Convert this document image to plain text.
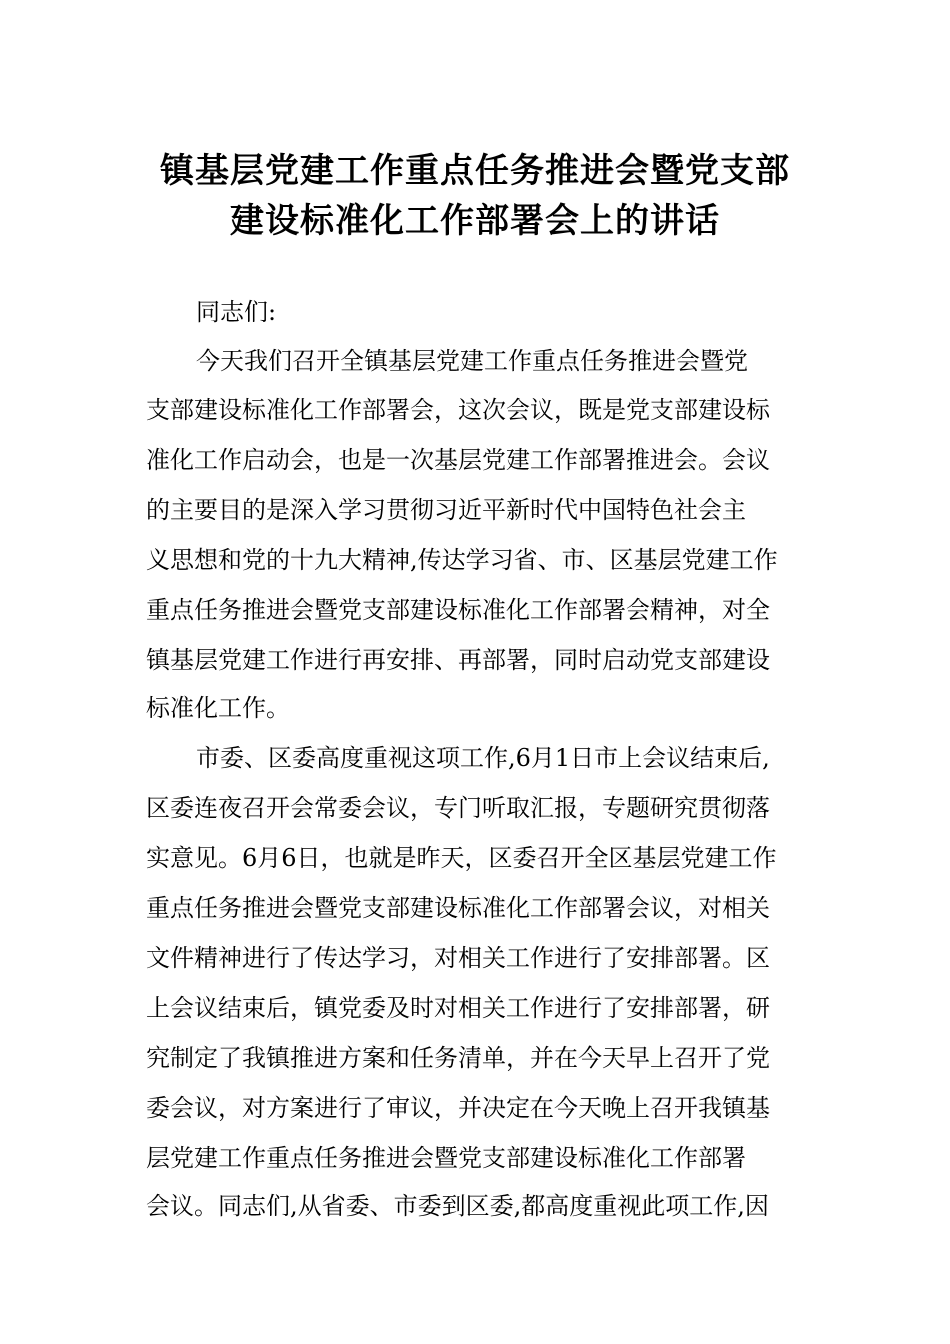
镇基层党建工作重点任务推进会暨党支部
建设标准化工作部署会上的讲话
同志们:
今天我们召开全镇基层党建工作重点任务推进会暨党
支部建设标准化工作部署会，这次会议，既是党支部建设标
准化工作启动会，也是一次基层党建工作部署推进会。会议
的主要目的是深入学习贯彻习近平新时代中国特色社会主
义思想和党的十九大精神,传达学习省、市、区基层党建工作
重点任务推进会暨党支部建设标准化工作部署会精神，对全
镇基层党建工作进行再安排、再部署，同时启动党支部建设
标准化工作。
市委、区委高度重视这项工作,6月1日市上会议结束后,
区委连夜召开会常委会议，专门听取汇报，专题研究贯彻落
实意见。6月6日，也就是昨天，区委召开全区基层党建工作
重点任务推进会暨党支部建设标准化工作部署会议，对相关
文件精神进行了传达学习，对相关工作进行了安排部署。区
上会议结束后，镇党委及时对相关工作进行了安排部署，研
究制定了我镇推进方案和任务清单，并在今天早上召开了党
委会议，对方案进行了审议，并决定在今天晚上召开我镇基
层党建工作重点任务推进会暨党支部建设标准化工作部署
会议。同志们,从省委、市委到区委,都高度重视此项工作,因
